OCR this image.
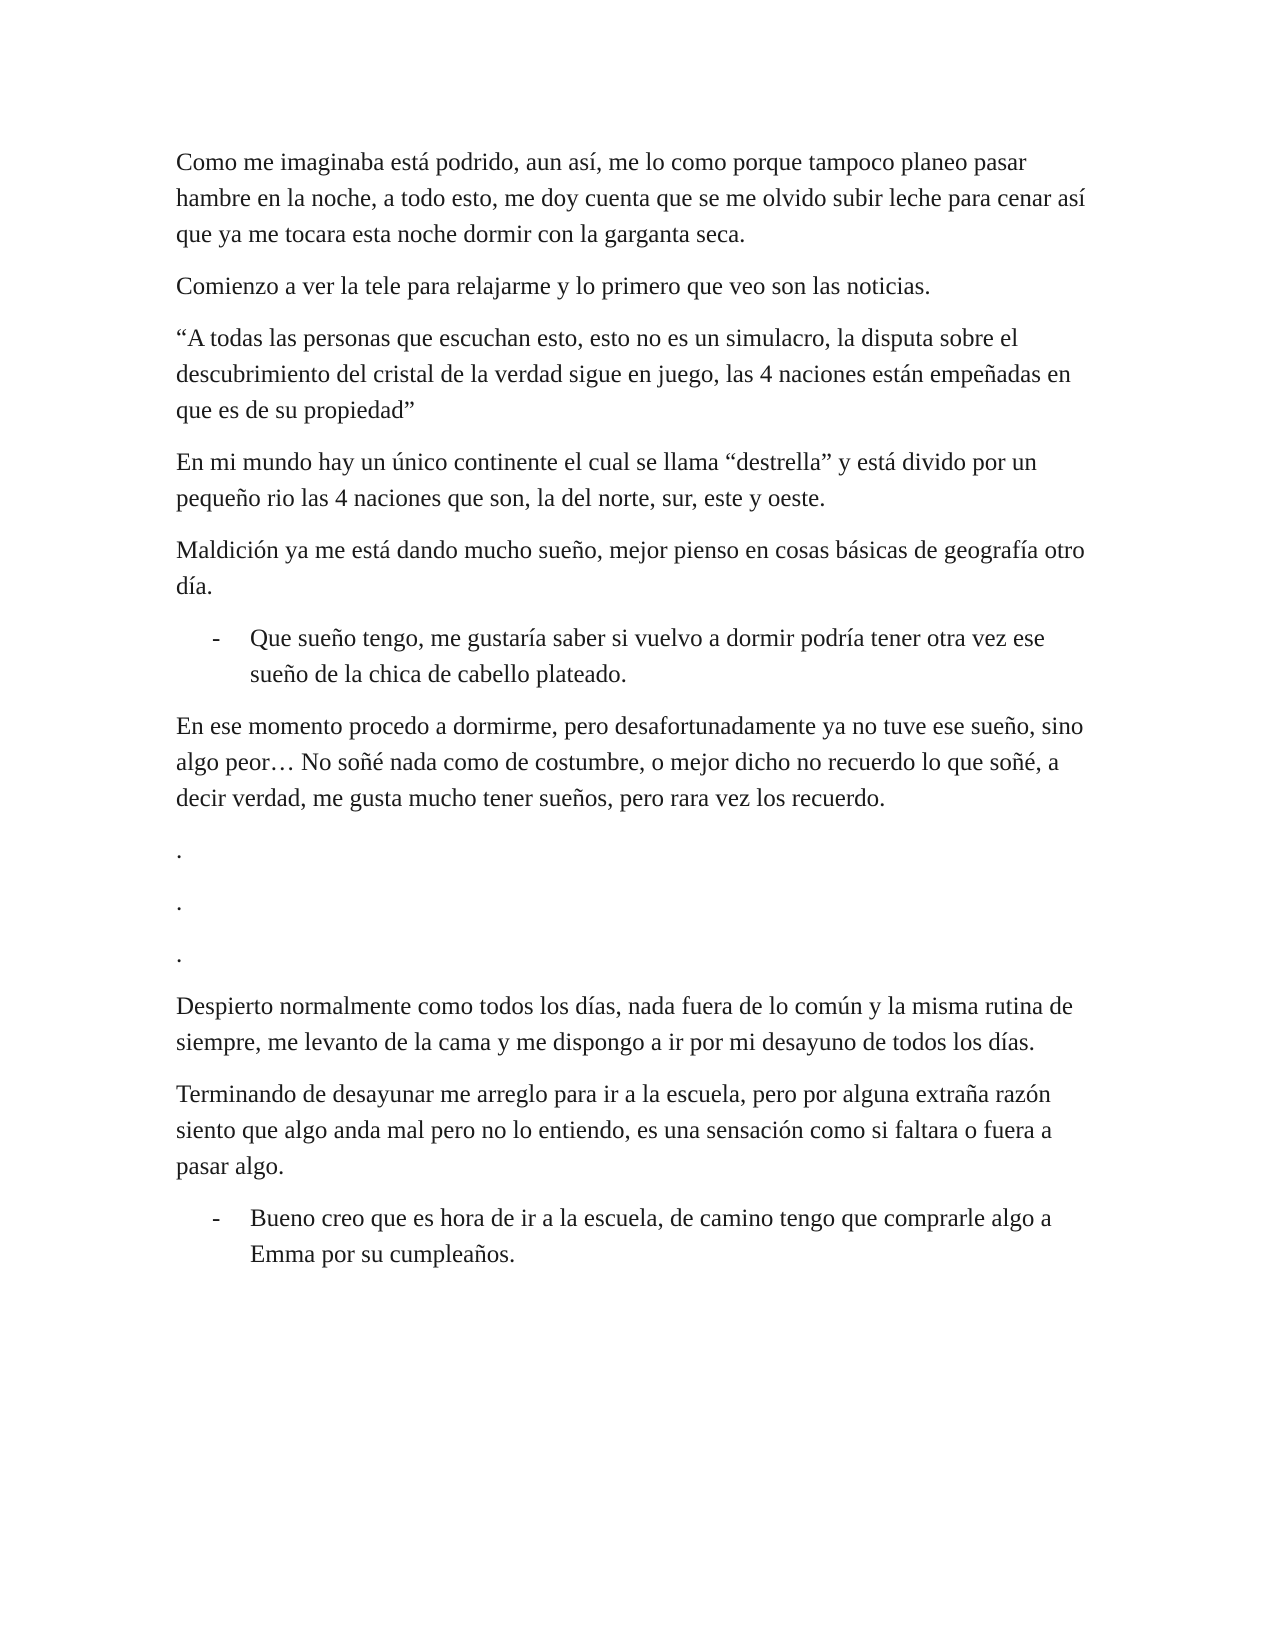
Como me imaginaba está podrido, aun así, me lo como porque tampoco planeo pasar hambre en la noche, a todo esto, me doy cuenta que se me olvido subir leche para cenar así que ya me tocara esta noche dormir con la garganta seca.

Comienzo a ver la tele para relajarme y lo primero que veo son las noticias.

“A todas las personas que escuchan esto, esto no es un simulacro, la disputa sobre el descubrimiento del cristal de la verdad sigue en juego, las 4 naciones están empeñadas en que es de su propiedad”

En mi mundo hay un único continente el cual se llama “destrella” y está divido por un pequeño rio las 4 naciones que son, la del norte, sur, este y oeste.

Maldición ya me está dando mucho sueño, mejor pienso en cosas básicas de geografía otro día.

- Que sueño tengo, me gustaría saber si vuelvo a dormir podría tener otra vez ese sueño de la chica de cabello plateado.

En ese momento procedo a dormirme, pero desafortunadamente ya no tuve ese sueño, sino algo peor… No soñé nada como de costumbre, o mejor dicho no recuerdo lo que soñé, a decir verdad, me gusta mucho tener sueños, pero rara vez los recuerdo.

.

.

.

Despierto normalmente como todos los días, nada fuera de lo común y la misma rutina de siempre, me levanto de la cama y me dispongo a ir por mi desayuno de todos los días.

Terminando de desayunar me arreglo para ir a la escuela, pero por alguna extraña razón siento que algo anda mal pero no lo entiendo, es una sensación como si faltara o fuera a pasar algo.

- Bueno creo que es hora de ir a la escuela, de camino tengo que comprarle algo a Emma por su cumpleaños.
